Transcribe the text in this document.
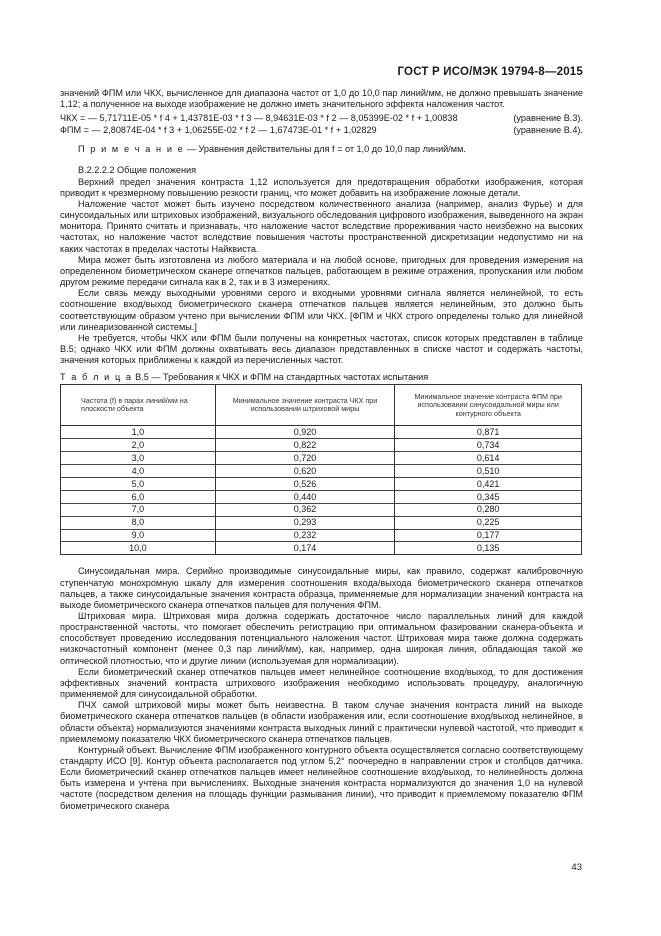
ГОСТ Р ИСО/МЭК 19794-8—2015

значений ФПМ или ЧКХ, вычисленное для диапазона частот от 1,0 до 10,0 пар линий/мм, не должно превышать значение 1,12; а полученное на выходе изображение не должно иметь значительного эффекта наложения частот.

ЧКХ = — 5,71711E-05 * f 4 + 1,43781E-03 * f 3 — 8,94631E-03 * f 2 — 8,05399E-02 * f + 1,00838	(уравнение В.3).
ФПМ = — 2,80874E-04 * f 3 + 1,06255E-02 * f 2 — 1,67473E-01 * f + 1,02829	(уравнение В.4).

П р и м е ч а н и е — Уравнения действительны для f = от 1,0 до 10,0 пар линий/мм.

В.2.2.2.2 Общие положения

Верхний предел значения контраста 1,12 используется для предотвращения обработки изображения, которая приводит к чрезмерному повышению резкости границ, что может добавить на изображение ложные детали.

Наложение частот может быть изучено посредством количественного анализа (например, анализ Фурье) и для синусоидальных или штриховых изображений, визуального обследования цифрового изображения, выведенного на экран монитора. Принято считать и признавать, что наложение частот вследствие прореживания часто неизбежно на высоких частотах, но наложение частот вследствие повышения частоты пространственной дискретизации недопустимо ни на каких частотах в пределах частоты Найквиста.

Мира может быть изготовлена из любого материала и на любой основе, пригодных для проведения измерения на определенном биометрическом сканере отпечатков пальцев, работающем в режиме отражения, пропускания или любом другом режиме передачи сигнала как в 2, так и в 3 измерениях.

Если связь между выходными уровнями серого и входными уровнями сигнала является нелинейной, то есть соотношение вход/выход биометрического сканера отпечатков пальцев является нелинейным, это должно быть соответствующим образом учтено при вычислении ФПМ или ЧКХ. [ФПМ и ЧКХ строго определены только для линейной или линеаризованной системы.]

Не требуется, чтобы ЧКХ или ФПМ были получены на конкретных частотах, список которых представлен в таблице В.5; однако ЧКХ или ФПМ должны охватывать весь диапазон представленных в списке частот и содержать частоты, значения которых приближены к каждой из перечисленных частот.

Т а б л и ц а В.5 — Требования к ЧКХ и ФПМ на стандартных частотах испытания

Частота (f) в парах линий/мм на плоскости объекта	Минимальное значение контраста ЧКХ при использовании штриховой миры	Минимальное значение контраста ФПМ при использовании синусоидальной миры или контурного объекта
1,0	0,920	0,871
2,0	0,822	0,734
3,0	0,720	0,614
4,0	0,620	0,510
5,0	0,526	0,421
6,0	0,440	0,345
7,0	0,362	0,280
8,0	0,293	0,225
9,0	0,232	0,177
10,0	0,174	0,135

Синусоидальная мира. Серийно производимые синусоидальные миры, как правило, содержат калибровочную ступенчатую монохромную шкалу для измерения соотношения входа/выхода биометрического сканера отпечатков пальцев, а также синусоидальные значения контраста образца, применяемые для нормализации значений контраста на выходе биометрического сканера отпечатков пальцев для получения ФПМ.

Штриховая мира. Штриховая мира должна содержать достаточное число параллельных линий для каждой пространственной частоты, что помогает обеспечить регистрацию при оптимальном фазировании сканера-объекта и способствует проведению исследования потенциального наложения частот. Штриховая мира также должна содержать низкочастотный компонент (менее 0,3 пар линий/мм), как, например, одна широкая линия, обладающая такой же оптической плотностью, что и другие линии (используемая для нормализации).

Если биометрический сканер отпечатков пальцев имеет нелинейное соотношение вход/выход, то для достижения эффективных значений контраста штрихового изображения необходимо использовать процедуру, аналогичную применяемой для синусоидальной обработки.

ПЧХ самой штриховой миры может быть неизвестна. В таком случае значения контраста линий на выходе биометрического сканера отпечатков пальцев (в области изображения или, если соотношение вход/выход нелинейное, в области объекта) нормализуются значениями контраста выходных линий с практически нулевой частотой, что приводит к приемлемому показателю ЧКХ биометрического сканера отпечатков пальцев.

Контурный объект. Вычисление ФПМ изображенного контурного объекта осуществляется согласно соответствующему стандарту ИСО [9]. Контур объекта располагается под углом 5,2° поочередно в направлении строк и столбцов датчика. Если биометрический сканер отпечатков пальцев имеет нелинейное соотношение вход/выход, то нелинейность должна быть измерена и учтена при вычислениях. Выходные значения контраста нормализуются до значения 1,0 на нулевой частоте (посредством деления на площадь функции размывания линии), что приводит к приемлемому показателю ФПМ биометрического сканера

43
